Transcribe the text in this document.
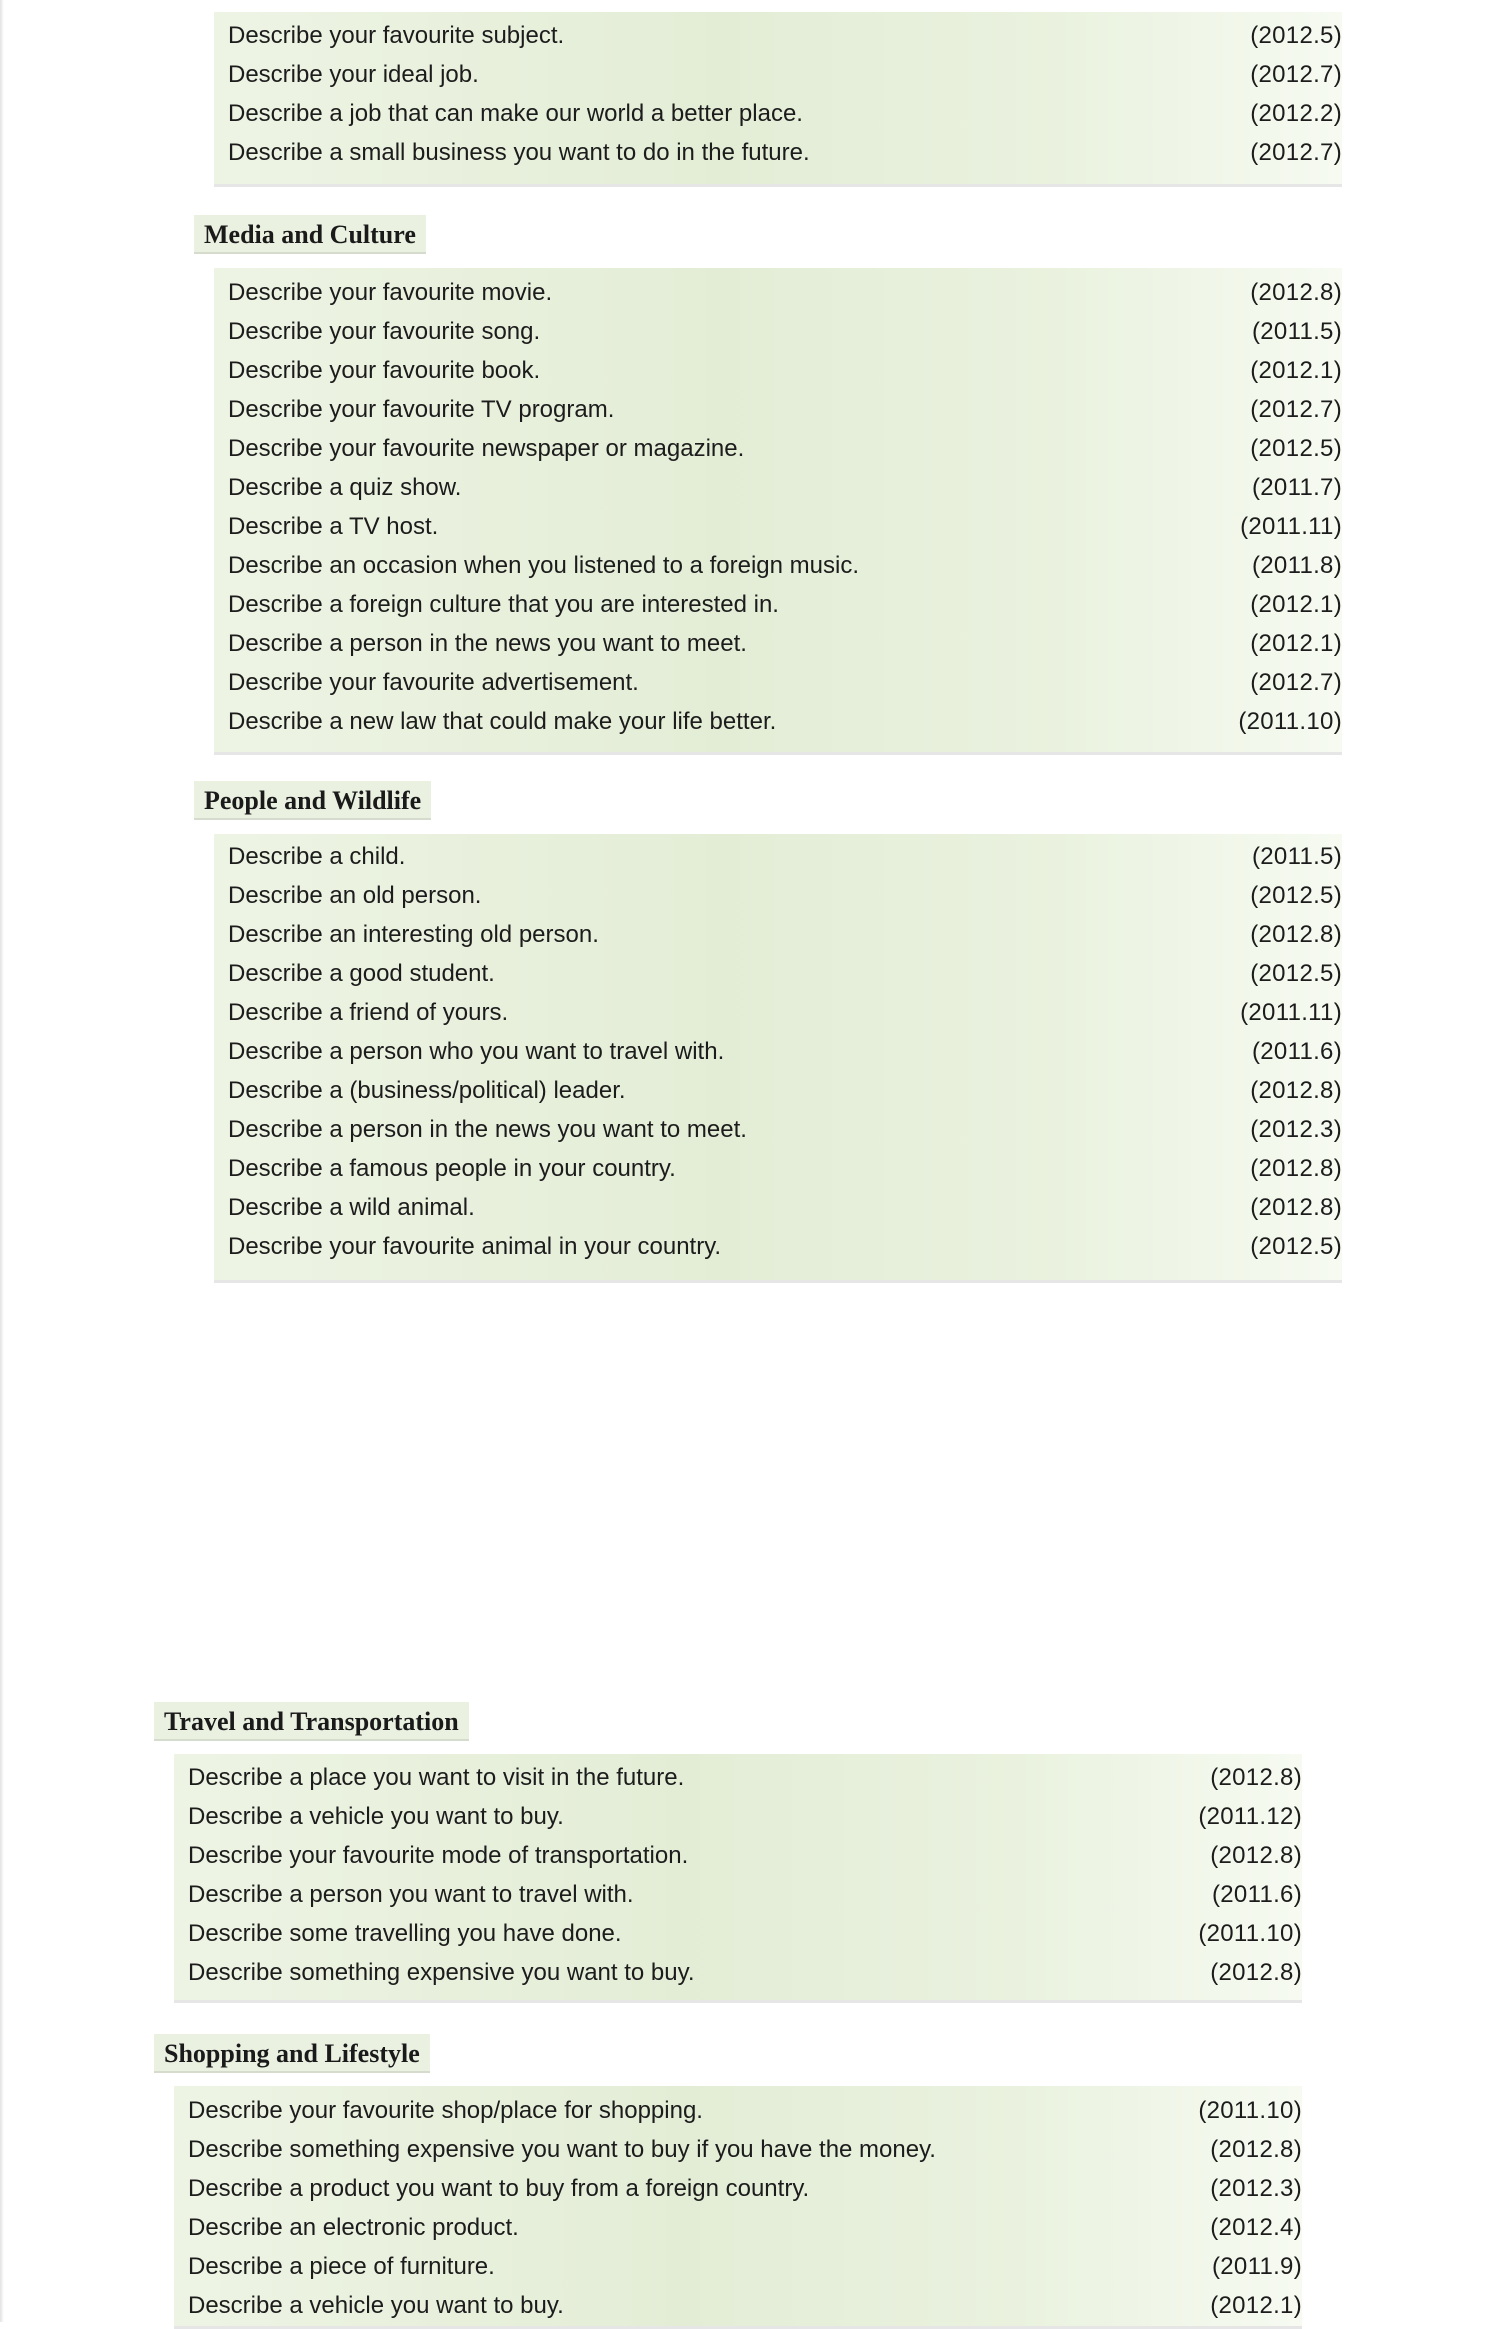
Describe your favourite subject.	(2012.5)
Describe your ideal job.	(2012.7)
Describe a job that can make our world a better place.	(2012.2)
Describe a small business you want to do in the future.	(2012.7)
Media and Culture
Describe your favourite movie.	(2012.8)
Describe your favourite song.	(2011.5)
Describe your favourite book.	(2012.1)
Describe your favourite TV program.	(2012.7)
Describe your favourite newspaper or magazine.	(2012.5)
Describe a quiz show.	(2011.7)
Describe a TV host.	(2011.11)
Describe an occasion when you listened to a foreign music.	(2011.8)
Describe a foreign culture that you are interested in.	(2012.1)
Describe a person in the news you want to meet.	(2012.1)
Describe your favourite advertisement.	(2012.7)
Describe a new law that could make your life better.	(2011.10)
People and Wildlife
Describe a child.	(2011.5)
Describe an old person.	(2012.5)
Describe an interesting old person.	(2012.8)
Describe a good student.	(2012.5)
Describe a friend of yours.	(2011.11)
Describe a person who you want to travel with.	(2011.6)
Describe a (business/political) leader.	(2012.8)
Describe a person in the news you want to meet.	(2012.3)
Describe a famous people in your country.	(2012.8)
Describe a wild animal.	(2012.8)
Describe your favourite animal in your country.	(2012.5)
Travel and Transportation
Describe a place you want to visit in the future.	(2012.8)
Describe a vehicle you want to buy.	(2011.12)
Describe your favourite mode of transportation.	(2012.8)
Describe a person you want to travel with.	(2011.6)
Describe some travelling you have done.	(2011.10)
Describe something expensive you want to buy.	(2012.8)
Shopping and Lifestyle
Describe your favourite shop/place for shopping.	(2011.10)
Describe something expensive you want to buy if you have the money.	(2012.8)
Describe a product you want to buy from a foreign country.	(2012.3)
Describe an electronic product.	(2012.4)
Describe a piece of furniture.	(2011.9)
Describe a vehicle you want to buy.	(2012.1)
